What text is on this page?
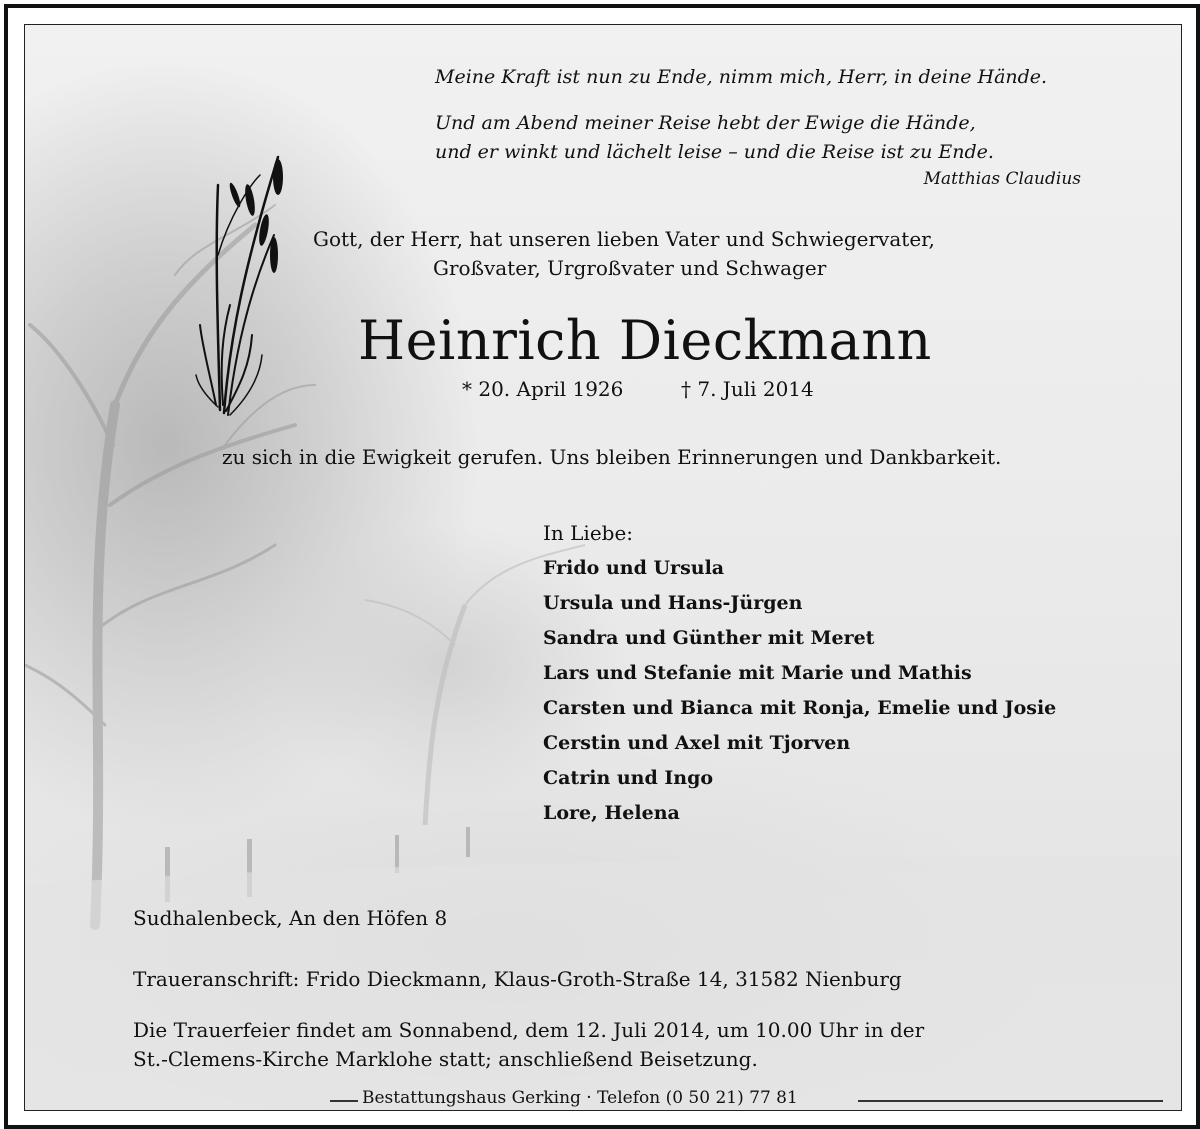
Meine Kraft ist nun zu Ende, nimm mich, Herr, in deine Hände.
Und am Abend meiner Reise hebt der Ewige die Hände,
und er winkt und lächelt leise – und die Reise ist zu Ende.
Matthias Claudius
Gott, der Herr, hat unseren lieben Vater und Schwiegervater,
Großvater, Urgroßvater und Schwager
Heinrich Dieckmann
* 20. April 1926	† 7. Juli 2014
zu sich in die Ewigkeit gerufen. Uns bleiben Erinnerungen und Dankbarkeit.
In Liebe:
Frido und Ursula
Ursula und Hans-Jürgen
Sandra und Günther mit Meret
Lars und Stefanie mit Marie und Mathis
Carsten und Bianca mit Ronja, Emelie und Josie
Cerstin und Axel mit Tjorven
Catrin und Ingo
Lore, Helena
Sudhalenbeck, An den Höfen 8
Traueranschrift: Frido Dieckmann, Klaus-Groth-Straße 14, 31582 Nienburg
Die Trauerfeier findet am Sonnabend, dem 12. Juli 2014, um 10.00 Uhr in der
St.-Clemens-Kirche Marklohe statt; anschließend Beisetzung.
Bestattungshaus Gerking · Telefon (0 50 21) 77 81
